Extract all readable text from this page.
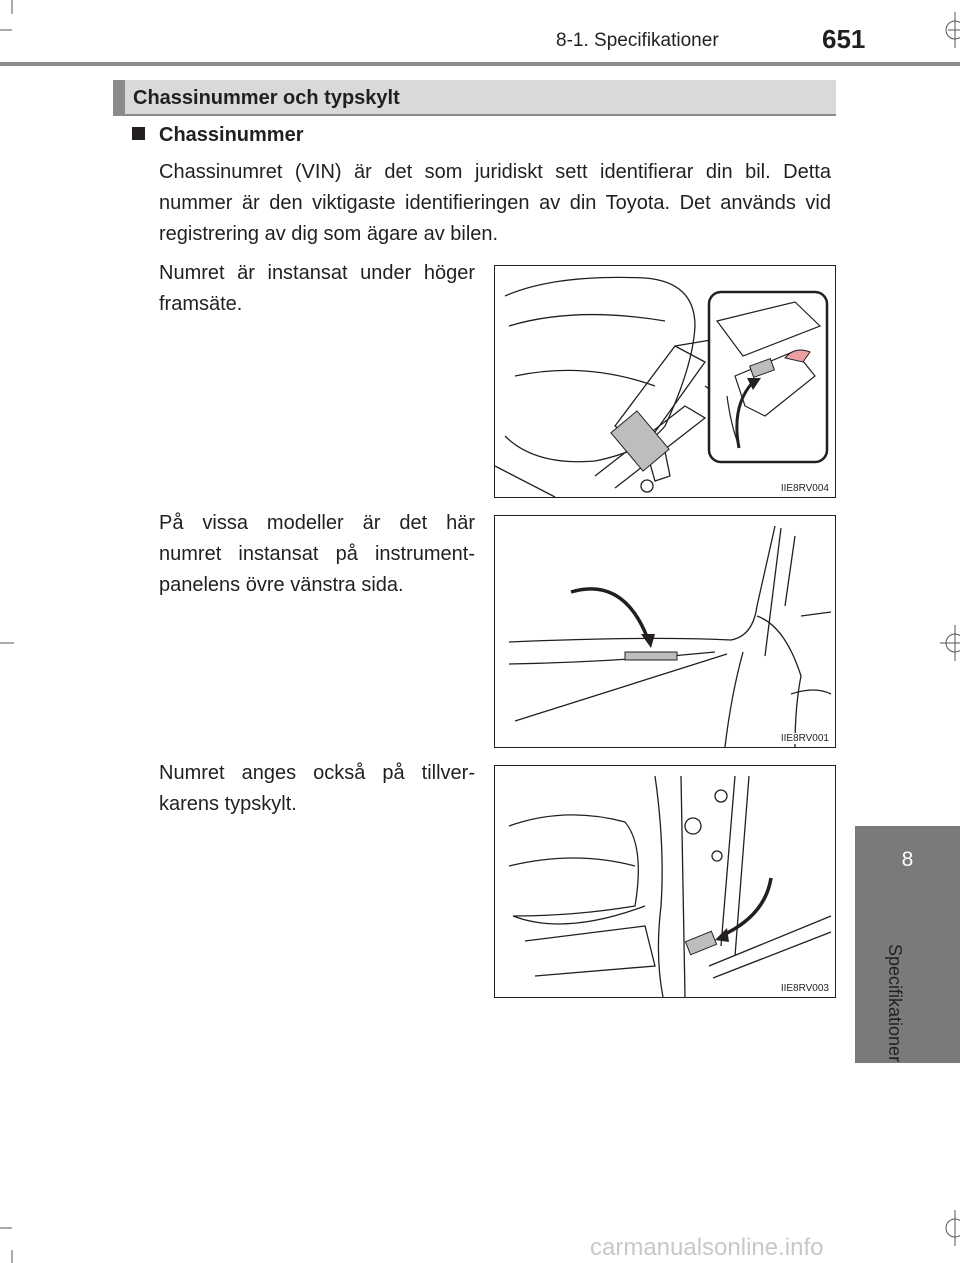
8-1. Specifikationer	651
8
Specifikationer
Chassinummer och typskylt
Chassinummer
Chassinumret (VIN) är det som juridiskt sett identifierar din bil. Detta nummer är den viktigaste identifieringen av din Toyota. Det används vid registrering av dig som ägare av bilen.
Numret är instansat under höger framsäte.
IIE8RV004
På vissa modeller är det här numret instansat på instrument-panelens övre vänstra sida.
IIE8RV001
Numret anges också på tillver-karens typskylt.
IIE8RV003
carmanualsonline.info
